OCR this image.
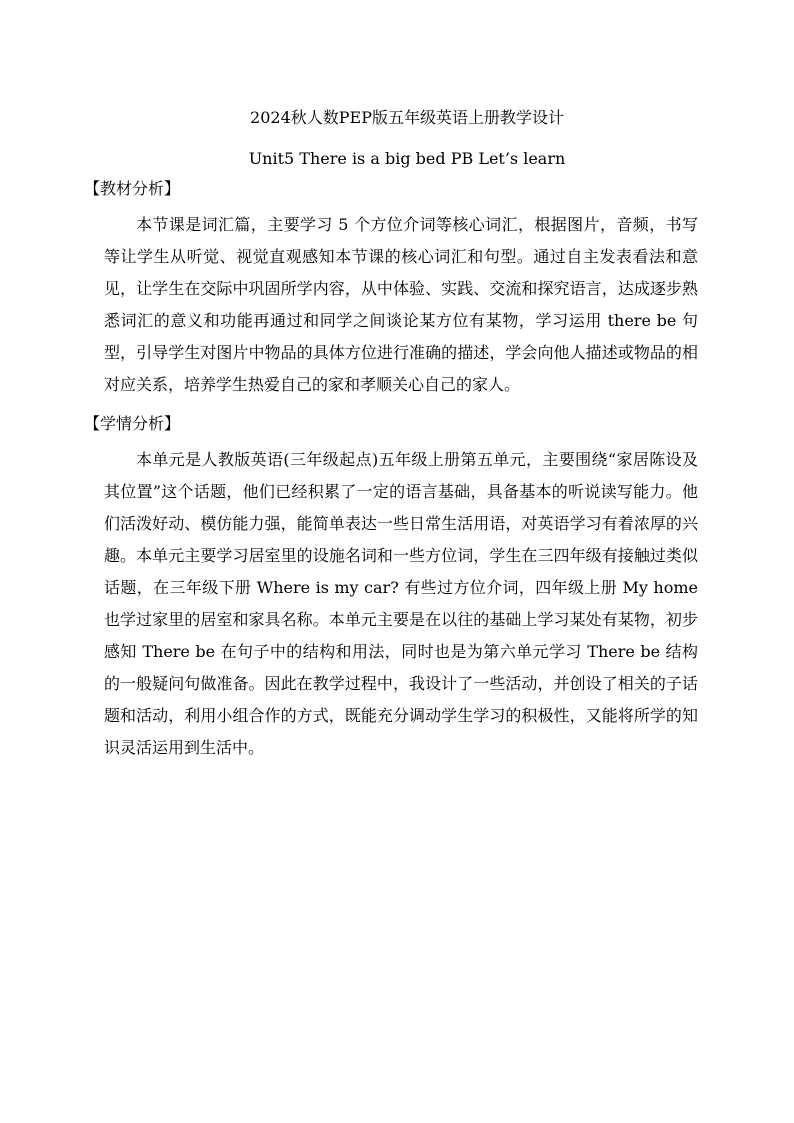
2024秋人数PEP版五年级英语上册教学设计
Unit5 There is a big bed PB Let’s learn
【教材分析】

本节课是词汇篇，主要学习 5 个方位介词等核心词汇，根据图片，音频，书写等让学生从听觉、视觉直观感知本节课的核心词汇和句型。通过自主发表看法和意见，让学生在交际中巩固所学内容，从中体验、实践、交流和探究语言，达成逐步熟悉词汇的意义和功能再通过和同学之间谈论某方位有某物，学习运用 there be 句型，引导学生对图片中物品的具体方位进行准确的描述，学会向他人描述或物品的相对应关系，培养学生热爱自己的家和孝顺关心自己的家人。

【学情分析】

本单元是人教版英语(三年级起点)五年级上册第五单元，主要围绕“家居陈设及其位置”这个话题，他们已经积累了一定的语言基础，具备基本的听说读写能力。他们活泼好动、模仿能力强，能简单表达一些日常生活用语，对英语学习有着浓厚的兴趣。本单元主要学习居室里的设施名词和一些方位词，学生在三四年级有接触过类似话题，在三年级下册 Where is my car? 有些过方位介词，四年级上册 My home 也学过家里的居室和家具名称。本单元主要是在以往的基础上学习某处有某物，初步感知 There be 在句子中的结构和用法，同时也是为第六单元学习 There be 结构的一般疑问句做准备。因此在教学过程中，我设计了一些活动，并创设了相关的子话题和活动，利用小组合作的方式，既能充分调动学生学习的积极性，又能将所学的知识灵活运用到生活中。
